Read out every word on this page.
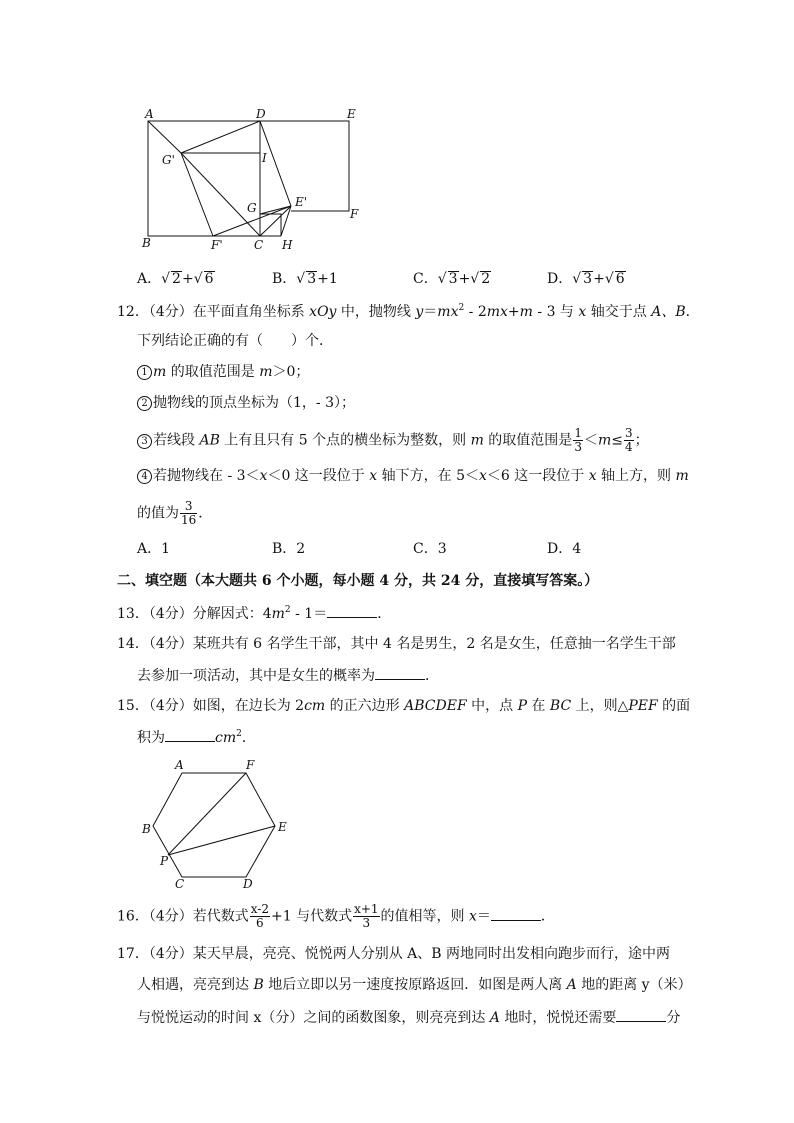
A	D	E
G'	I
G	E'
F
B	F'	C H
A．√ 2+√ 6	B．√ 3+1	C．√ 3+√ 2	D．√ 3+√ 6
12．（4分）在平面直角坐标系 xOy 中，抛物线 $y=mx^2 - 2mx+m - 3$ 与 x 轴交于点 A、B．
下列结论正确的有（　　）个．
1 m 的取值范围是 m＞0；
2 抛物线的顶点坐标为（1，- 3）；
3 若线段 AB 上有且只有 5 个点的横坐标为整数，则 m 的取值范围是 $\frac{1}{3} <m\le \frac{3}{4}$ ；
4 若抛物线在 - 3＜x＜0 这一段位于 x 轴下方，在 5＜x＜6 这一段位于 x 轴上方，则 m
的值为 $\frac{3}{16}$ ．
A．1	B．2	C．3	D．4
二、填空题（本大题共 6 个小题，每小题 4 分，共 24 分，直接填写答案。）
13．（4分）分解因式：$4m^2 - 1=$	．
14．（4分）某班共有 6 名学生干部，其中 4 名是男生，2 名是女生，任意抽一名学生干部
去参加一项活动，其中是女生的概率为	．
15．（4分）如图，在边长为 2cm 的正六边形 ABCDEF 中，点 P 在 BC 上，则△PEF 的面
积为	$cm^2$．
A	F
B	E
P
C	D
16．（4分）若代数式 $\frac{x-2}{6} +1$ 与代数式 $\frac{x+1}{3}$ 的值相等，则 x＝	．
17．（4分）某天早晨，亮亮、悦悦两人分别从 A、B 两地同时出发相向跑步而行，途中两
人相遇，亮亮到达 B 地后立即以另一速度按原路返回．如图是两人离 A 地的距离 y（米）
与悦悦运动的时间 x（分）之间的函数图象，则亮亮到达 A 地时，悦悦还需要	分
